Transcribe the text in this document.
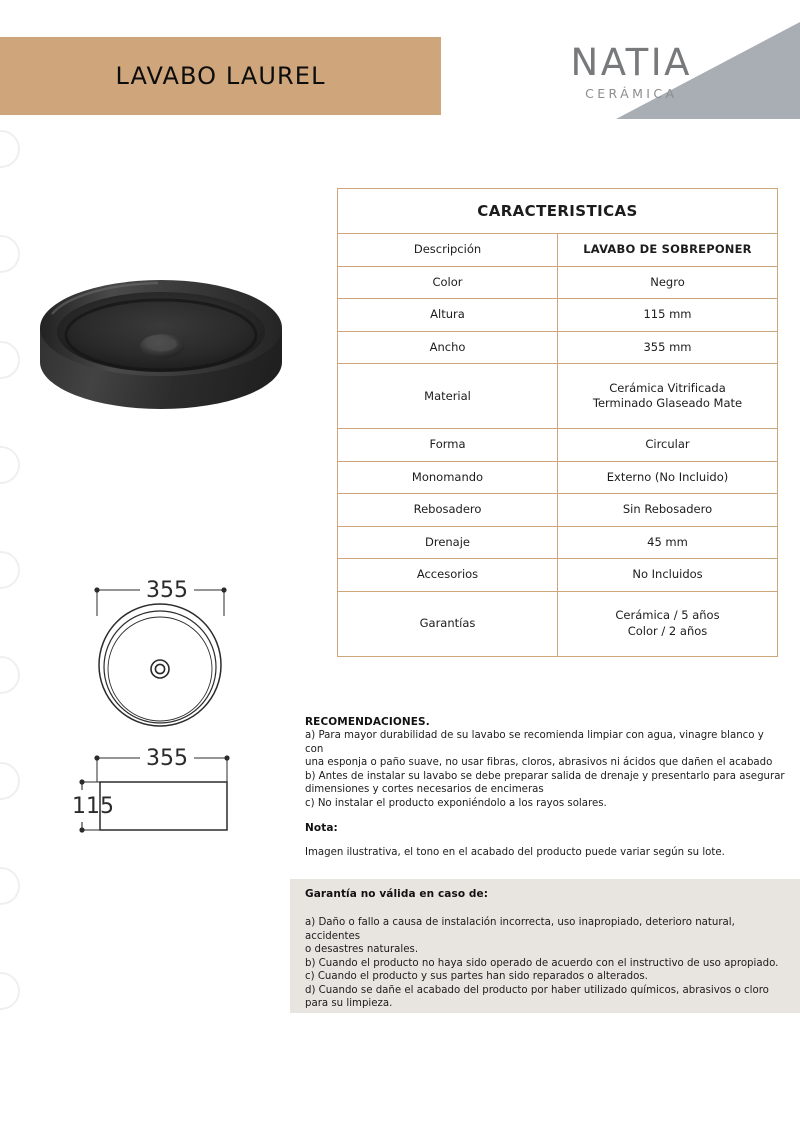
LAVABO LAUREL	NATIA
CERÁMICA
355
355
115
CARACTERISTICAS	
Descripción	LAVABO DE SOBREPONER
Color	Negro
Altura	115 mm
Ancho	355 mm
Material	Cerámica Vitrificada
Terminado Glaseado Mate
Forma	Circular
Monomando	Externo (No Incluido)
Rebosadero	Sin Rebosadero
Drenaje	45 mm
Accesorios	No Incluidos
Garantías	Cerámica / 5 años
Color / 2 años

RECOMENDACIONES.

a) Para mayor durabilidad de su lavabo se recomienda limpiar con agua, vinagre blanco y con

una esponja o paño suave, no usar fibras, cloros, abrasivos ni ácidos que dañen el acabado

b) Antes de instalar su lavabo se debe preparar salida de drenaje y presentarlo para asegurar

dimensiones y cortes necesarios de encimeras

c) No instalar el producto exponiéndolo a los rayos solares.

Nota:

Imagen ilustrativa, el tono en el acabado del producto puede variar según su lote.

Garantía no válida en caso de:

a) Daño o fallo a causa de instalación incorrecta, uso inapropiado, deterioro natural, accidentes

o desastres naturales.

b) Cuando el producto no haya sido operado de acuerdo con el instructivo de uso apropiado.

c) Cuando el producto y sus partes han sido reparados o alterados.

d) Cuando se dañe el acabado del producto por haber utilizado químicos, abrasivos o cloro

para su limpieza.
